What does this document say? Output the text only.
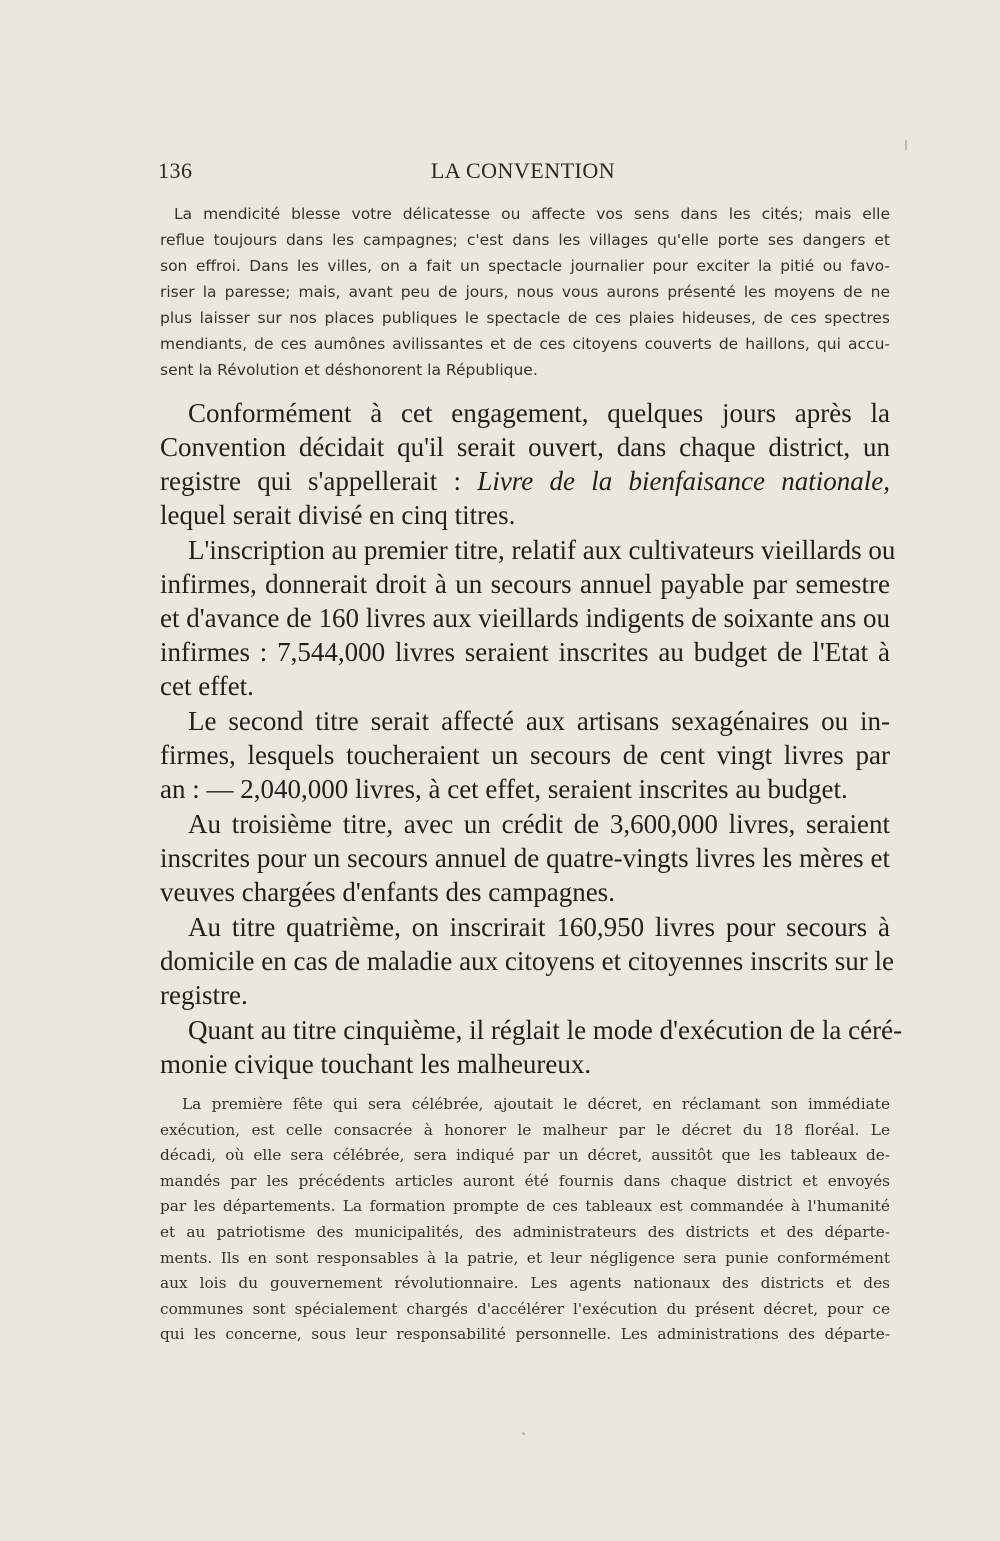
136	LA CONVENTION
La mendicité blesse votre délicatesse ou affecte vos sens dans les cités; mais elle
reflue toujours dans les campagnes; c'est dans les villages qu'elle porte ses dangers et
son effroi. Dans les villes, on a fait un spectacle journalier pour exciter la pitié ou favo-
riser la paresse; mais, avant peu de jours, nous vous aurons présenté les moyens de ne
plus laisser sur nos places publiques le spectacle de ces plaies hideuses, de ces spectres
mendiants, de ces aumônes avilissantes et de ces citoyens couverts de haillons, qui accu-
sent la Révolution et déshonorent la République.
Conformément à cet engagement, quelques jours après la
Convention décidait qu'il serait ouvert, dans chaque district, un
registre qui s'appellerait : Livre de la bienfaisance nationale,
lequel serait divisé en cinq titres.
L'inscription au premier titre, relatif aux cultivateurs vieillards ou
infirmes, donnerait droit à un secours annuel payable par semestre
et d'avance de 160 livres aux vieillards indigents de soixante ans ou
infirmes : 7,544,000 livres seraient inscrites au budget de l'Etat à
cet effet.
Le second titre serait affecté aux artisans sexagénaires ou in-
firmes, lesquels toucheraient un secours de cent vingt livres par
an : — 2,040,000 livres, à cet effet, seraient inscrites au budget.
Au troisième titre, avec un crédit de 3,600,000 livres, seraient
inscrites pour un secours annuel de quatre-vingts livres les mères et
veuves chargées d'enfants des campagnes.
Au titre quatrième, on inscrirait 160,950 livres pour secours à
domicile en cas de maladie aux citoyens et citoyennes inscrits sur le
registre.
Quant au titre cinquième, il réglait le mode d'exécution de la céré-
monie civique touchant les malheureux.
La première fête qui sera célébrée, ajoutait le décret, en réclamant son immédiate
exécution, est celle consacrée à honorer le malheur par le décret du 18 floréal. Le
décadi, où elle sera célébrée, sera indiqué par un décret, aussitôt que les tableaux de-
mandés par les précédents articles auront été fournis dans chaque district et envoyés
par les départements. La formation prompte de ces tableaux est commandée à l'humanité
et au patriotisme des municipalités, des administrateurs des districts et des départe-
ments. Ils en sont responsables à la patrie, et leur négligence sera punie conformément
aux lois du gouvernement révolutionnaire. Les agents nationaux des districts et des
communes sont spécialement chargés d'accélérer l'exécution du présent décret, pour ce
qui les concerne, sous leur responsabilité personnelle. Les administrations des départe-
